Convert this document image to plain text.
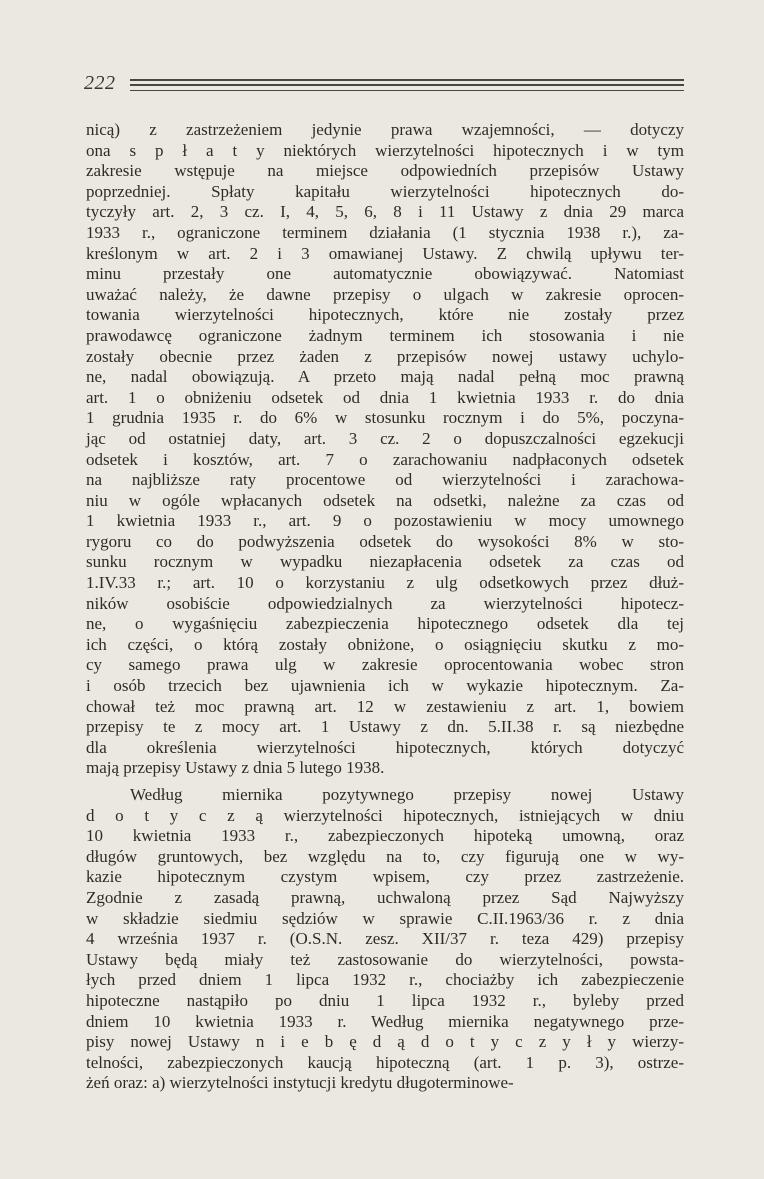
222
nicą) z zastrzeżeniem jedynie prawa wzajemności, — dotyczy
ona s p ł a t y niektórych wierzytelności hipotecznych i w tym
zakresie wstępuje na miejsce odpowiedních przepisów Ustawy
poprzedniej. Spłaty kapitału wierzytelności hipotecznych do-
tyczyły art. 2, 3 cz. I, 4, 5, 6, 8 i 11 Ustawy z dnia 29 marca
1933 r., ograniczone terminem działania (1 stycznia 1938 r.), za-
kreślonym w art. 2 i 3 omawianej Ustawy. Z chwilą upływu ter-
minu przestały one automatycznie obowiązywać. Natomiast
uważać należy, że dawne przepisy o ulgach w zakresie oprocen-
towania wierzytelności hipotecznych, które nie zostały przez
prawodawcę ograniczone żadnym terminem ich stosowania i nie
zostały obecnie przez żaden z przepisów nowej ustawy uchylo-
ne, nadal obowiązują. A przeto mają nadal pełną moc prawną
art. 1 o obniżeniu odsetek od dnia 1 kwietnia 1933 r. do dnia
1 grudnia 1935 r. do 6% w stosunku rocznym i do 5%, poczyna-
jąc od ostatniej daty, art. 3 cz. 2 o dopuszczalności egzekucji
odsetek i kosztów, art. 7 o zarachowaniu nadpłaconych odsetek
na najbliższe raty procentowe od wierzytelności i zarachowa-
niu w ogóle wpłacanych odsetek na odsetki, należne za czas od
1 kwietnia 1933 r., art. 9 o pozostawieniu w mocy umownego
rygoru co do podwyższenia odsetek do wysokości 8% w sto-
sunku rocznym w wypadku niezapłacenia odsetek za czas od
1.IV.33 r.; art. 10 o korzystaniu z ulg odsetkowych przez dłuż-
ników osobiście odpowiedzialnych za wierzytelności hipotecz-
ne, o wygaśnięciu zabezpieczenia hipotecznego odsetek dla tej
ich części, o którą zostały obniżone, o osiągnięciu skutku z mo-
cy samego prawa ulg w zakresie oprocentowania wobec stron
i osób trzecich bez ujawnienia ich w wykazie hipotecznym. Za-
chował też moc prawną art. 12 w zestawieniu z art. 1, bowiem
przepisy te z mocy art. 1 Ustawy z dn. 5.II.38 r. są niezbędne
dla określenia wierzytelności hipotecznych, których dotyczyć
mają przepisy Ustawy z dnia 5 lutego 1938.
Według miernika pozytywnego przepisy nowej Ustawy
d o t y c z ą wierzytelności hipotecznych, istniejących w dniu
10 kwietnia 1933 r., zabezpieczonych hipoteką umowną, oraz
długów gruntowych, bez względu na to, czy figurują one w wy-
kazie hipotecznym czystym wpisem, czy przez zastrzeżenie.
Zgodnie z zasadą prawną, uchwaloną przez Sąd Najwyższy
w składzie siedmiu sędziów w sprawie C.II.1963/36 r. z dnia
4 września 1937 r. (O.S.N. zesz. XII/37 r. teza 429) przepisy
Ustawy będą miały też zastosowanie do wierzytelności, powsta-
łych przed dniem 1 lipca 1932 r., chociażby ich zabezpieczenie
hipoteczne nastąpiło po dniu 1 lipca 1932 r., byleby przed
dniem 10 kwietnia 1933 r. Według miernika negatywnego prze-
pisy nowej Ustawy n i e b ę d ą d o t y c z y ł y wierzy-
telności, zabezpieczonych kaucją hipoteczną (art. 1 p. 3), ostrze-
żeń oraz: a) wierzytelności instytucji kredytu długoterminowe-
